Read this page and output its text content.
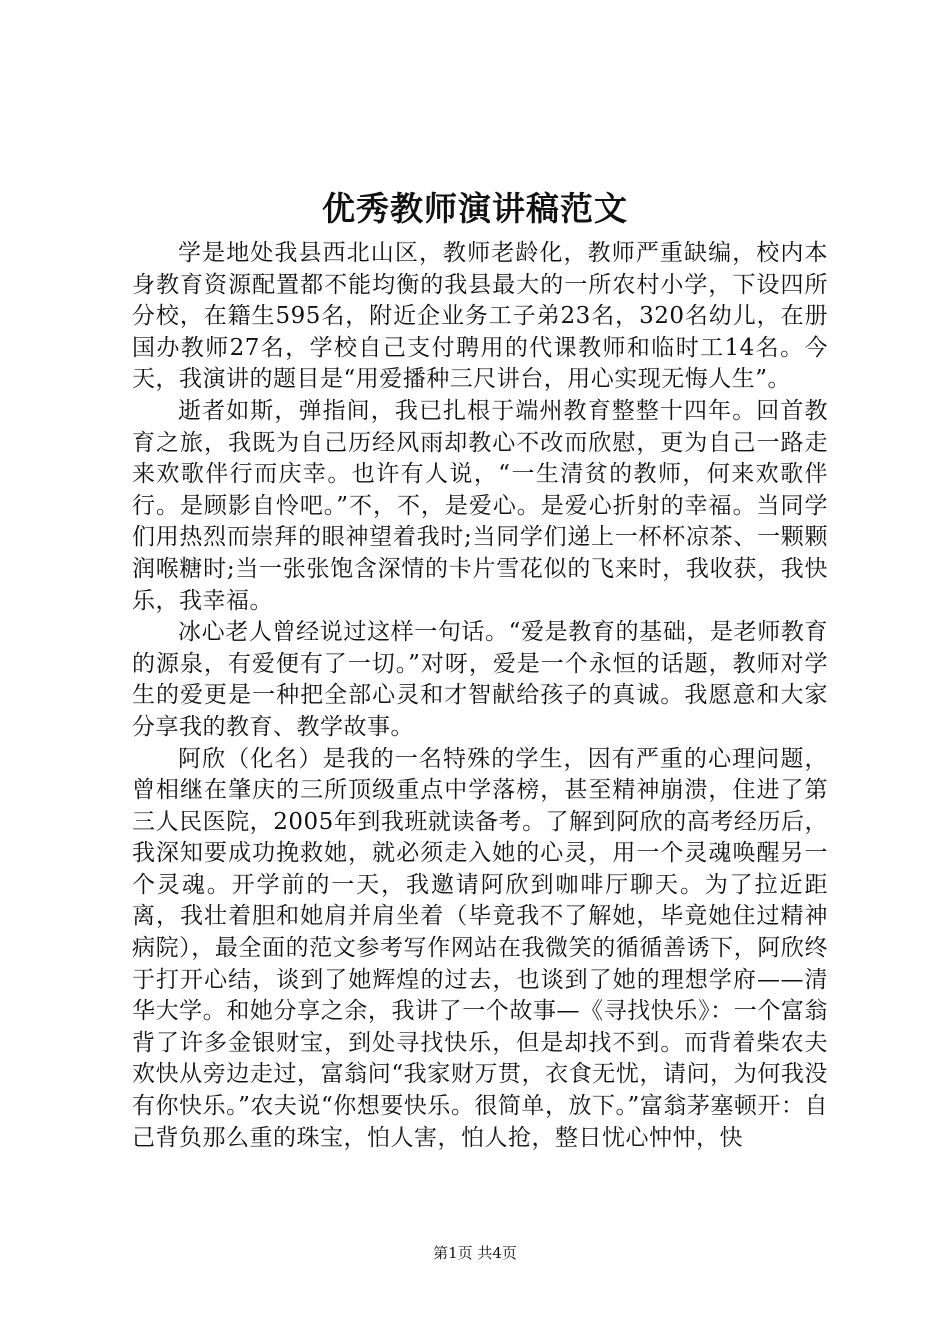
优秀教师演讲稿范文

学是地处我县西北山区，教师老龄化，教师严重缺编，校内本身教育资源配置都不能均衡的我县最大的一所农村小学，下设四所分校，在籍生595名，附近企业务工子弟23名，320名幼儿，在册国办教师27名，学校自己支付聘用的代课教师和临时工14名。今天，我演讲的题目是“用爱播种三尺讲台，用心实现无悔人生”。

逝者如斯，弹指间，我已扎根于端州教育整整十四年。回首教育之旅，我既为自己历经风雨却教心不改而欣慰，更为自己一路走来欢歌伴行而庆幸。也许有人说，“一生清贫的教师，何来欢歌伴行。是顾影自怜吧。”不，不，是爱心。是爱心折射的幸福。当同学们用热烈而崇拜的眼神望着我时;当同学们递上一杯杯凉茶、一颗颗润喉糖时;当一张张饱含深情的卡片雪花似的飞来时，我收获，我快乐，我幸福。

冰心老人曾经说过这样一句话。“爱是教育的基础，是老师教育的源泉，有爱便有了一切。”对呀，爱是一个永恒的话题，教师对学生的爱更是一种把全部心灵和才智献给孩子的真诚。我愿意和大家分享我的教育、教学故事。

阿欣（化名）是我的一名特殊的学生，因有严重的心理问题，曾相继在肇庆的三所顶级重点中学落榜，甚至精神崩溃，住进了第三人民医院，2005年到我班就读备考。了解到阿欣的高考经历后，我深知要成功挽救她，就必须走入她的心灵，用一个灵魂唤醒另一个灵魂。开学前的一天，我邀请阿欣到咖啡厅聊天。为了拉近距离，我壮着胆和她肩并肩坐着（毕竟我不了解她，毕竟她住过精神病院），最全面的范文参考写作网站在我微笑的循循善诱下，阿欣终于打开心结，谈到了她辉煌的过去，也谈到了她的理想学府——清华大学。和她分享之余，我讲了一个故事—《寻找快乐》：一个富翁背了许多金银财宝，到处寻找快乐，但是却找不到。而背着柴农夫欢快从旁边走过，富翁问“我家财万贯，衣食无忧，请问，为何我没有你快乐。”农夫说“你想要快乐。很简单，放下。”富翁茅塞顿开：自己背负那么重的珠宝，怕人害，怕人抢，整日忧心忡忡，快

第1页 共4页
